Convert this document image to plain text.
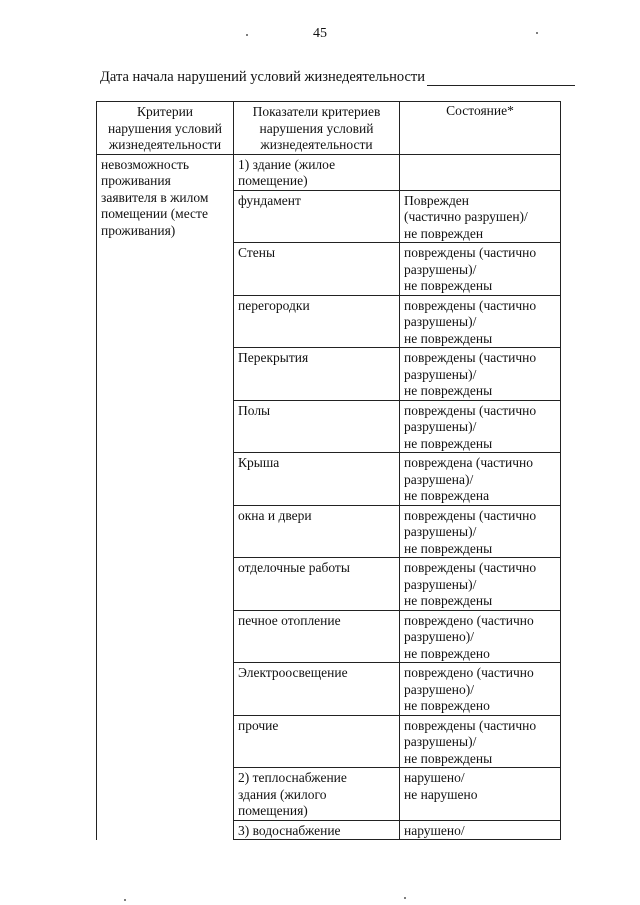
45
Дата начала нарушений условий жизнедеятельности
Критерии
нарушения условий
жизнедеятельности	Показатели критериев
нарушения условий
жизнедеятельности	Состояние*
невозможность
проживания
заявителя в жилом
помещении (месте
проживания)	1) здание (жилое
помещение)	
	фундамент	Поврежден
(частично разрушен)/
не поврежден
	Стены	повреждены (частично
разрушены)/
не повреждены
	перегородки	повреждены (частично
разрушены)/
не повреждены
	Перекрытия	повреждены (частично
разрушены)/
не повреждены
	Полы	повреждены (частично
разрушены)/
не повреждены
	Крыша	повреждена (частично
разрушена)/
не повреждена
	окна и двери	повреждены (частично
разрушены)/
не повреждены
	отделочные работы	повреждены (частично
разрушены)/
не повреждены
	печное отопление	повреждено (частично
разрушено)/
не повреждено
	Электроосвещение	повреждено (частично
разрушено)/
не повреждено
	прочие	повреждены (частично
разрушены)/
не повреждены
	2) теплоснабжение
здания (жилого
помещения)	нарушено/
не нарушено
	3) водоснабжение	нарушено/
